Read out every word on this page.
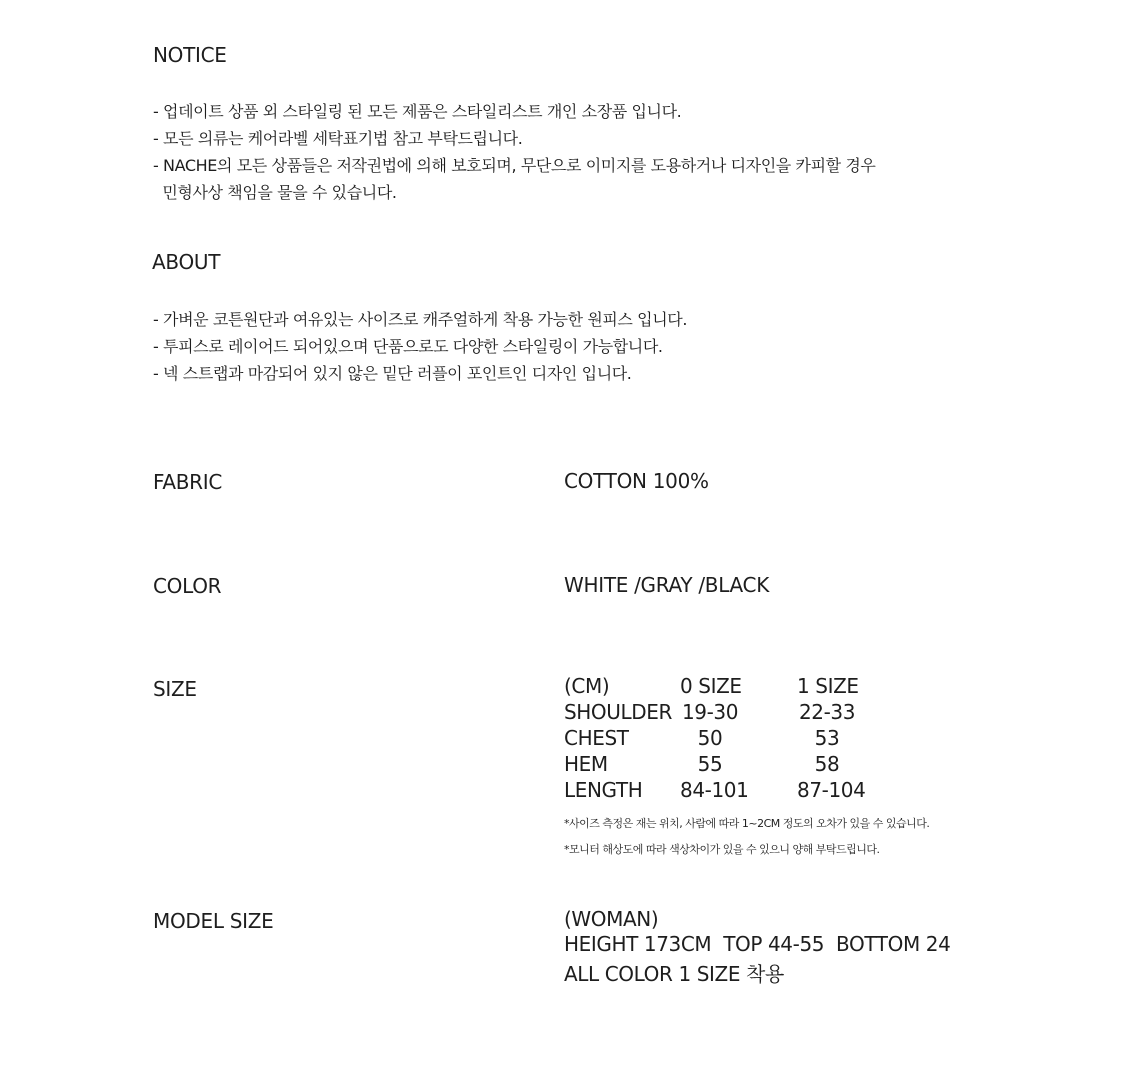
NOTICE
- 업데이트 상품 외 스타일링 된 모든 제품은 스타일리스트 개인 소장품 입니다.
- 모든 의류는 케어라벨 세탁표기법 참고 부탁드립니다.
- NACHE의 모든 상품들은 저작권법에 의해 보호되며, 무단으로 이미지를 도용하거나 디자인을 카피할 경우
민형사상 책임을 물을 수 있습니다.
ABOUT
- 가벼운 코튼원단과 여유있는 사이즈로 캐주얼하게 착용 가능한 원피스 입니다.
- 투피스로 레이어드 되어있으며 단품으로도 다양한 스타일링이 가능합니다.
- 넥 스트랩과 마감되어 있지 않은 밑단 러플이 포인트인 디자인 입니다.
FABRIC	COTTON 100%
COLOR	WHITE /GRAY /BLACK
SIZE	(CM)	0 SIZE	1 SIZE
SHOULDER 19-30	22-33
CHEST	50	53
HEM	55	58
LENGTH 84-101 87-104
*사이즈 측정은 재는 위치, 사람에 따라 1~2CM 정도의 오차가 있을 수 있습니다.
*모니터 해상도에 따라 색상차이가 있을 수 있으니 양해 부탁드립니다.
MODEL SIZE	(WOMAN)
HEIGHT 173CM  TOP 44-55  BOTTOM 24
ALL COLOR 1 SIZE 착용
